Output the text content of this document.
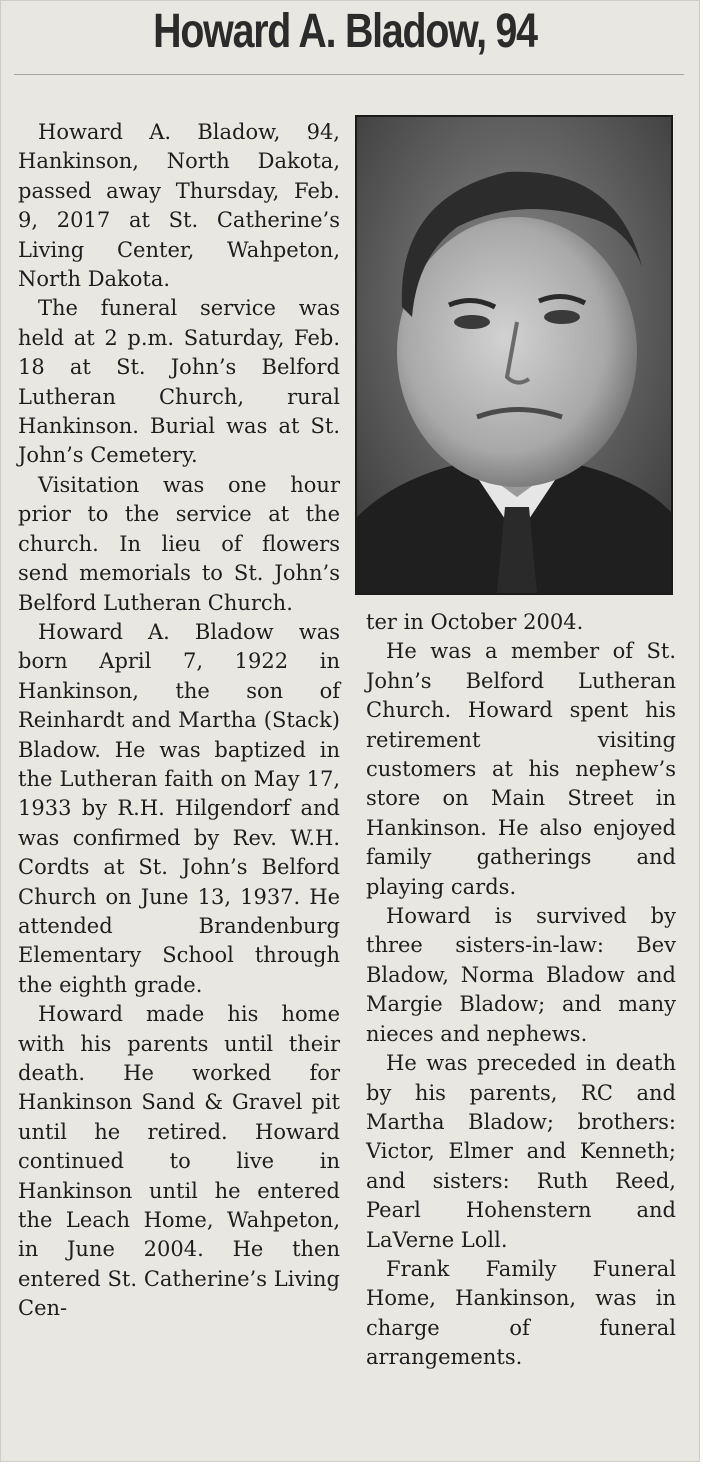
Howard A. Bladow, 94

Howard A. Bladow, 94, Hankinson, North Dakota, passed away Thursday, Feb. 9, 2017 at St. Catherine’s Living Center, Wahpeton, North Dakota.

The funeral service was held at 2 p.m. Saturday, Feb. 18 at St. John’s Belford Lutheran Church, rural Hankinson. Burial was at St. John’s Cemetery.

Visitation was one hour prior to the service at the church. In lieu of flowers send memorials to St. John’s Belford Lutheran Church.

Howard A. Bladow was born April 7, 1922 in Hankinson, the son of Reinhardt and Martha (Stack) Bladow. He was baptized in the Lutheran faith on May 17, 1933 by R.H. Hilgendorf and was confirmed by Rev. W.H. Cordts at St. John’s Belford Church on June 13, 1937. He attended Brandenburg Elementary School through the eighth grade.

Howard made his home with his parents until their death. He worked for Hankinson Sand & Gravel pit until he retired. Howard continued to live in Hankinson until he entered the Leach Home, Wahpeton, in June 2004. He then entered St. Catherine’s Living Cen-

ter in October 2004.

He was a member of St. John’s Belford Lutheran Church. Howard spent his retirement visiting customers at his nephew’s store on Main Street in Hankinson. He also enjoyed family gatherings and playing cards.

Howard is survived by three sisters-in-law: Bev Bladow, Norma Bladow and Margie Bladow; and many nieces and nephews.

He was preceded in death by his parents, RC and Martha Bladow; brothers: Victor, Elmer and Kenneth; and sisters: Ruth Reed, Pearl Hohenstern and LaVerne Loll.

Frank Family Funeral Home, Hankinson, was in charge of funeral arrangements.
